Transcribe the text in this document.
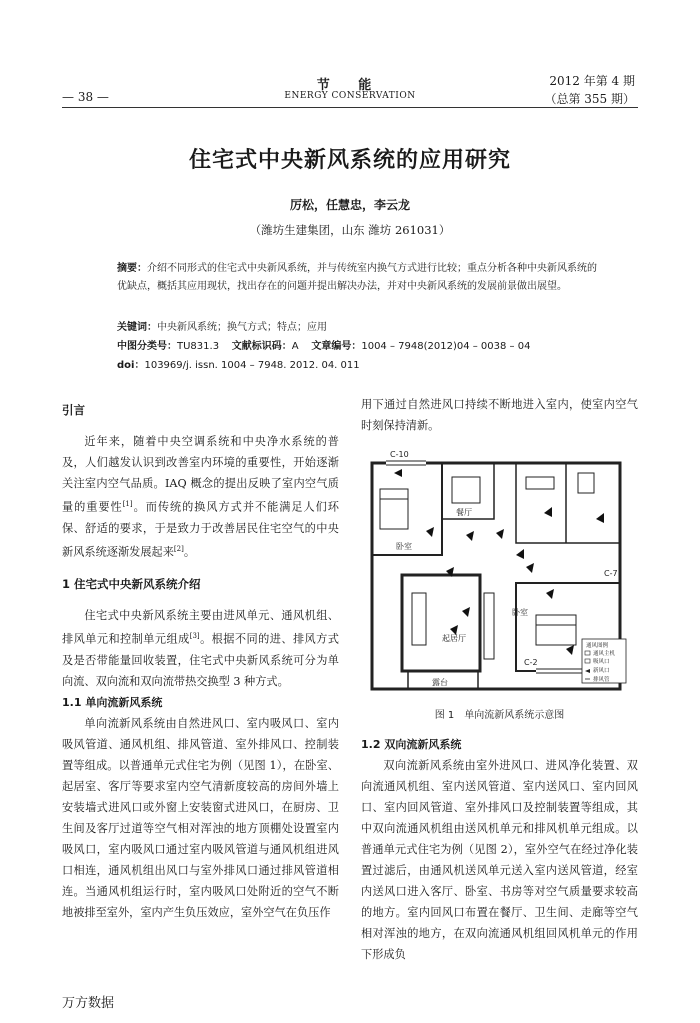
节 能
ENERGY CONSERVATION
— 38 —
2012 年第 4 期
（总第 355 期）
住宅式中央新风系统的应用研究
厉松，任慧忠，李云龙
（潍坊生建集团，山东 潍坊 261031）
摘要：介绍不同形式的住宅式中央新风系统，并与传统室内换气方式进行比较；重点分析各种中央新风系统的优缺点，概括其应用现状，找出存在的问题并提出解决办法，并对中央新风系统的发展前景做出展望。
关键词：中央新风系统；换气方式；特点；应用
中图分类号：TU831.3 文献标识码：A 文章编号：1004 – 7948(2012)04 – 0038 – 04
doi：103969/j. issn. 1004 – 7948. 2012. 04. 011
引言

近年来，随着中央空调系统和中央净水系统的普及，人们越发认识到改善室内环境的重要性，开始逐渐关注室内空气品质。IAQ 概念的提出反映了室内空气质量的重要性[1]。而传统的换风方式并不能满足人们环保、舒适的要求，于是致力于改善居民住宅空气的中央新风系统逐渐发展起来[2]。

1 住宅式中央新风系统介绍

住宅式中央新风系统主要由进风单元、通风机组、排风单元和控制单元组成[3]。根据不同的进、排风方式及是否带能量回收装置，住宅式中央新风系统可分为单向流、双向流和双向流带热交换型 3 种方式。

1.1 单向流新风系统

单向流新风系统由自然进风口、室内吸风口、室内吸风管道、通风机组、排风管道、室外排风口、控制装置等组成。以普通单元式住宅为例（见图 1），在卧室、起居室、客厅等要求室内空气清新度较高的房间外墙上安装墙式进风口或外窗上安装窗式进风口，在厨房、卫生间及客厅过道等空气相对浑浊的地方顶棚处设置室内吸风口，室内吸风口通过室内吸风管道与通风机组进风口相连，通风机组出风口与室外排风口通过排风管道相连。当通风机组运行时，室内吸风口处附近的空气不断地被排至室外，室内产生负压效应，室外空气在负压作

用下通过自然进风口持续不断地进入室内，使室内空气时刻保持清新。

C-10
C-7
C-2
餐厅
卧室
卧室
起居厅
露台
通风图例
通风主机
吸风口
新风口
排风管
图 1　单向流新风系统示意图
1.2 双向流新风系统

双向流新风系统由室外进风口、进风净化装置、双向流通风机组、室内送风管道、室内送风口、室内回风口、室内回风管道、室外排风口及控制装置等组成，其中双向流通风机组由送风机单元和排风机单元组成。以普通单元式住宅为例（见图 2），室外空气在经过净化装置过滤后，由通风机送风单元送入室内送风管道，经室内送风口进入客厅、卧室、书房等对空气质量要求较高的地方。室内回风口布置在餐厅、卫生间、走廊等空气相对浑浊的地方，在双向流通风机组回风机单元的作用下形成负

万方数据
